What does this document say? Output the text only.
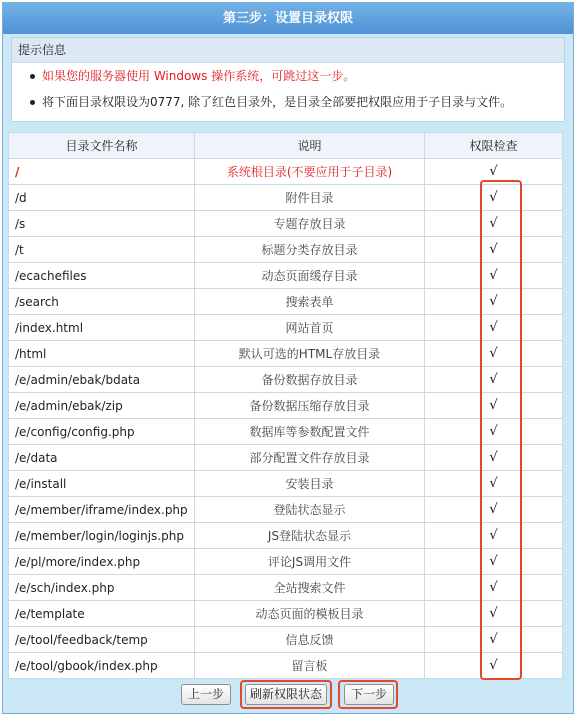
第三步：设置目录权限
提示信息
如果您的服务器使用 Windows 操作系统，可跳过这一步。
将下面目录权限设为0777, 除了红色目录外，是目录全部要把权限应用于子目录与文件。
目录文件名称	说明	权限检查
/	系统根目录(不要应用于子目录)	√
/d	附件目录	√
/s	专题存放目录	√
/t	标题分类存放目录	√
/ecachefiles	动态页面缓存目录	√
/search	搜索表单	√
/index.html	网站首页	√
/html	默认可选的HTML存放目录	√
/e/admin/ebak/bdata	备份数据存放目录	√
/e/admin/ebak/zip	备份数据压缩存放目录	√
/e/config/config.php	数据库等参数配置文件	√
/e/data	部分配置文件存放目录	√
/e/install	安装目录	√
/e/member/iframe/index.php	登陆状态显示	√
/e/member/login/loginjs.php	JS登陆状态显示	√
/e/pl/more/index.php	评论JS调用文件	√
/e/sch/index.php	全站搜索文件	√
/e/template	动态页面的模板目录	√
/e/tool/feedback/temp	信息反馈	√
/e/tool/gbook/index.php	留言板	√
上一步	刷新权限状态	下一步
